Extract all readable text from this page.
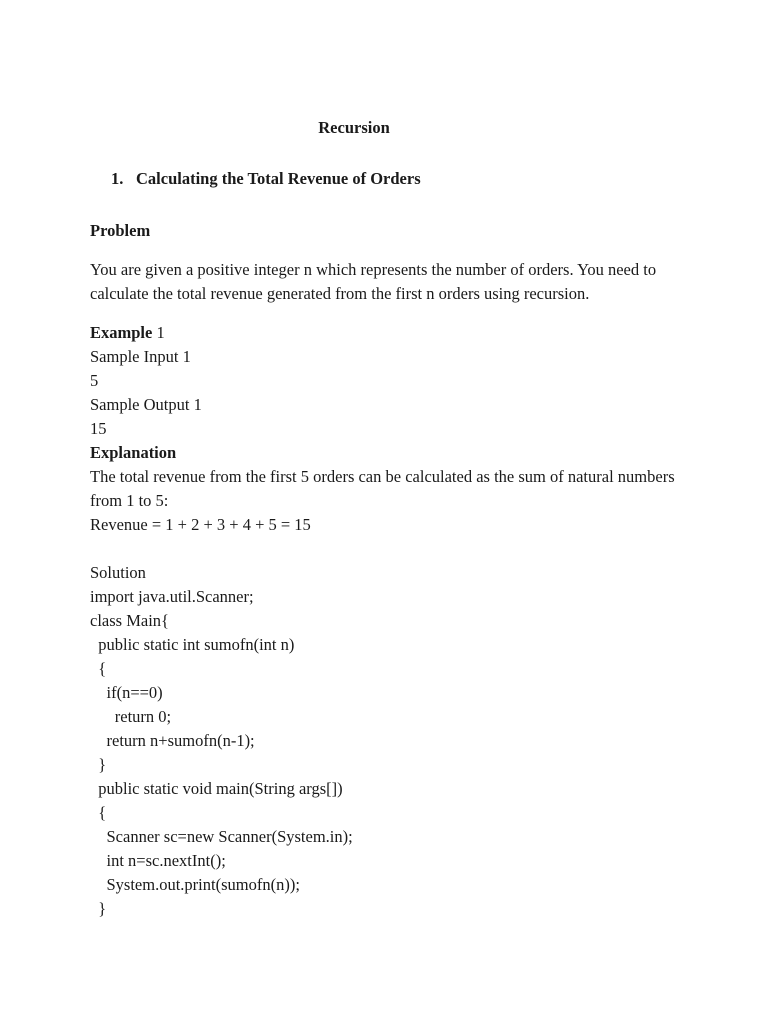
Recursion

1. Calculating the Total Revenue of Orders

Problem

You are given a positive integer n which represents the number of orders. You need to calculate the total revenue generated from the first n orders using recursion.

Example 1

Sample Input 1

5

Sample Output 1

15

Explanation

The total revenue from the first 5 orders can be calculated as the sum of natural numbers from 1 to 5:

Revenue = 1 + 2 + 3 + 4 + 5 = 15

Solution

import java.util.Scanner;

class Main{

public static int sumofn(int n)

{

if(n==0)

return 0;

return n+sumofn(n-1);

}

public static void main(String args[])

{

Scanner sc=new Scanner(System.in);

int n=sc.nextInt();

System.out.print(sumofn(n));

}
